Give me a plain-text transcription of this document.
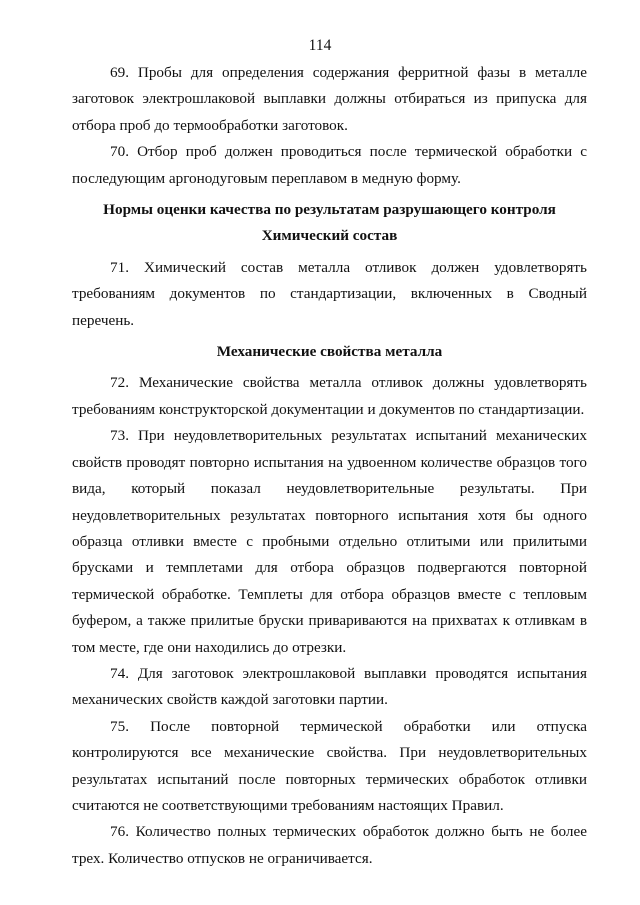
114

69. Пробы для определения содержания ферритной фазы в металле заготовок электрошлаковой выплавки должны отбираться из припуска для отбора проб до термообработки заготовок.

70. Отбор проб должен проводиться после термической обработки с последующим аргонодуговым переплавом в медную форму.

Нормы оценки качества по результатам разрушающего контроля

Химический состав

71. Химический состав металла отливок должен удовлетворять требованиям документов по стандартизации, включенных в Сводный перечень.

Механические свойства металла

72. Механические свойства металла отливок должны удовлетворять требованиям конструкторской документации и документов по стандартизации.

73. При неудовлетворительных результатах испытаний механических свойств проводят повторно испытания на удвоенном количестве образцов того вида, который показал неудовлетворительные результаты. При неудовлетворительных результатах повторного испытания хотя бы одного образца отливки вместе с пробными отдельно отлитыми или прилитыми брусками и темплетами для отбора образцов подвергаются повторной термической обработке. Темплеты для отбора образцов вместе с тепловым буфером, а также прилитые бруски привариваются на прихватах к отливкам в том месте, где они находились до отрезки.

74. Для заготовок электрошлаковой выплавки проводятся испытания механических свойств каждой заготовки партии.

75. После повторной термической обработки или отпуска контролируются все механические свойства. При неудовлетворительных результатах испытаний после повторных термических обработок отливки считаются не соответствующими требованиям настоящих Правил.

76. Количество полных термических обработок должно быть не более трех. Количество отпусков не ограничивается.
